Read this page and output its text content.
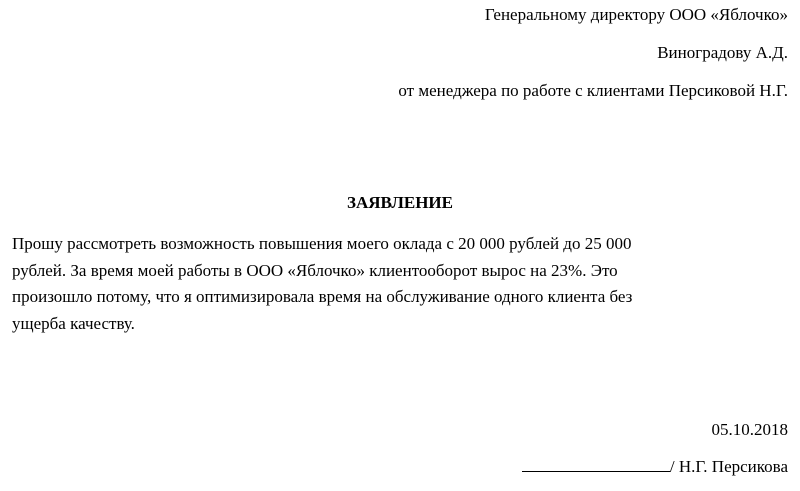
Генеральному директору ООО «Яблочко»
Виноградову А.Д.
от менеджера по работе с клиентами Персиковой Н.Г.
ЗАЯВЛЕНИЕ
Прошу рассмотреть возможность повышения моего оклада с 20 000 рублей до 25 000
рублей. За время моей работы в ООО «Яблочко» клиентооборот вырос на 23%. Это
произошло потому, что я оптимизировала время на обслуживание одного клиента без
ущерба качеству.
05.10.2018
/ Н.Г. Персикова
